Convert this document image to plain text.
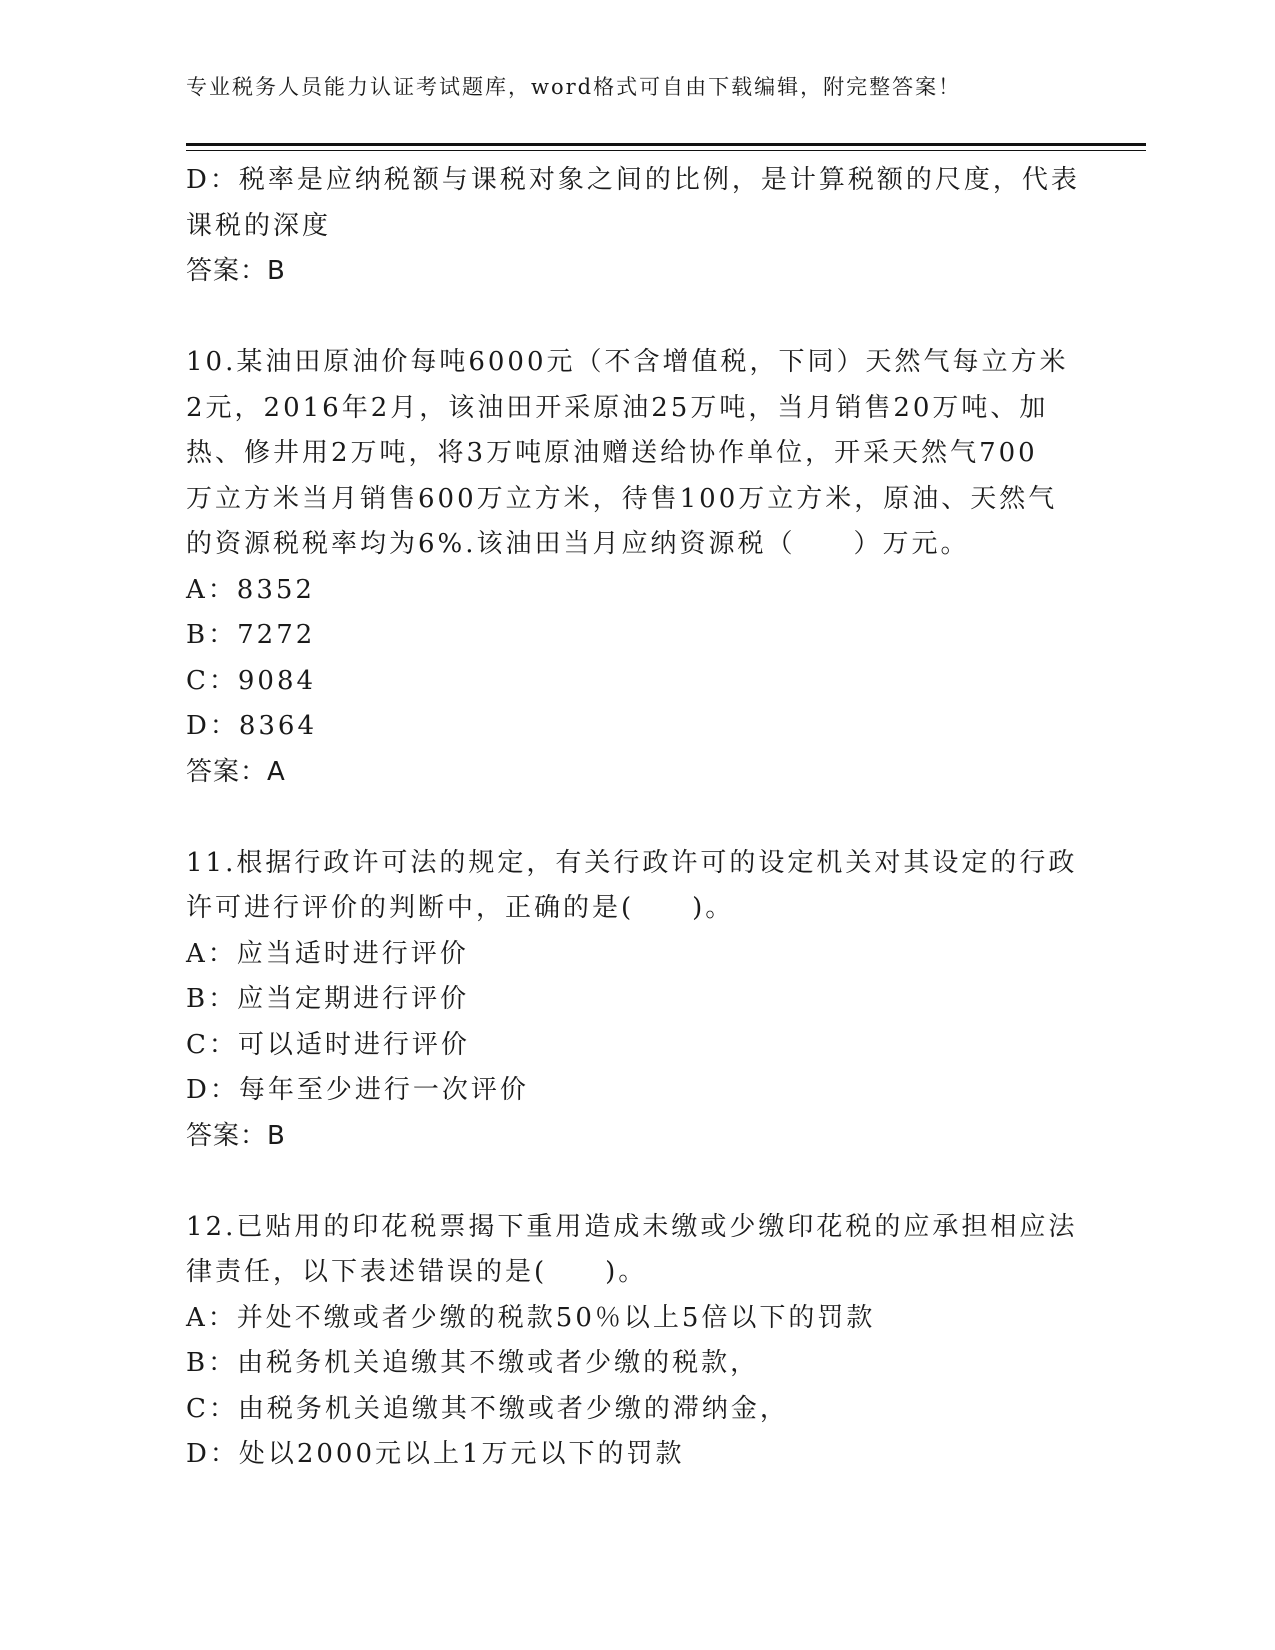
专业税务人员能力认证考试题库，word格式可自由下载编辑，附完整答案！
D：税率是应纳税额与课税对象之间的比例，是计算税额的尺度，代表
课税的深度
答案：B
10.某油田原油价每吨6000元（不含增值税，下同）天然气每立方米
2元，2016年2月，该油田开采原油25万吨，当月销售20万吨、加
热、修井用2万吨，将3万吨原油赠送给协作单位，开采天然气700
万立方米当月销售600万立方米，待售100万立方米，原油、天然气
的资源税税率均为6%.该油田当月应纳资源税（　　）万元。
A：8352
B：7272
C：9084
D：8364
答案：A
11.根据行政许可法的规定，有关行政许可的设定机关对其设定的行政
许可进行评价的判断中，正确的是(　　)。
A：应当适时进行评价
B：应当定期进行评价
C：可以适时进行评价
D：每年至少进行一次评价
答案：B
12.已贴用的印花税票揭下重用造成未缴或少缴印花税的应承担相应法
律责任，以下表述错误的是(　　)。
A：并处不缴或者少缴的税款50％以上5倍以下的罚款
B：由税务机关追缴其不缴或者少缴的税款，
C：由税务机关追缴其不缴或者少缴的滞纳金，
D：处以2000元以上1万元以下的罚款
